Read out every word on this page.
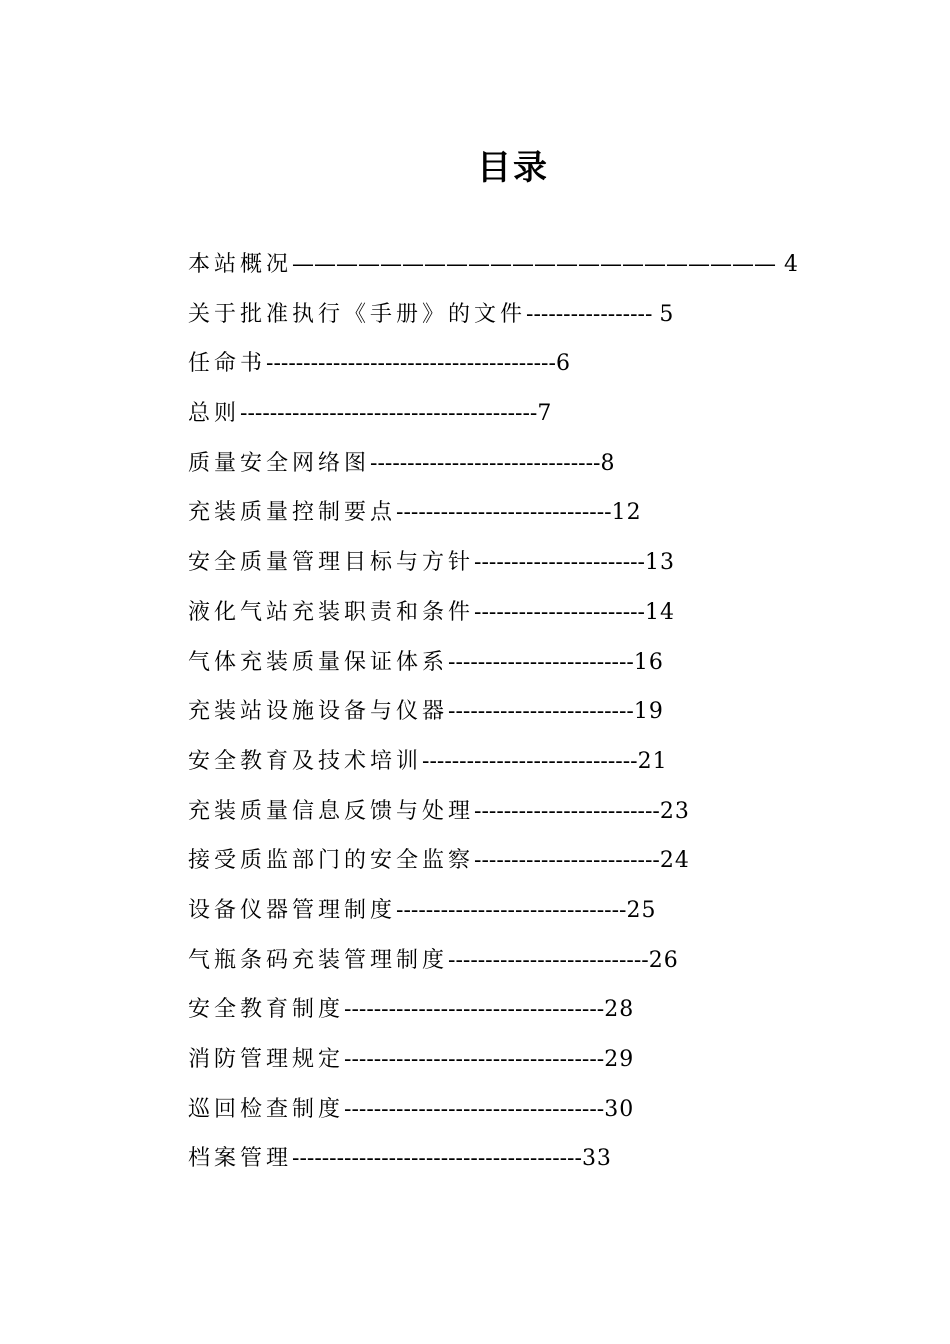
目录
本站概况—————————————————————— 4
关于批准执行《手册》的文件----------------- 5
任命书---------------------------------------6
总则----------------------------------------7
质量安全网络图-------------------------------8
充装质量控制要点-----------------------------12
安全质量管理目标与方针-----------------------13
液化气站充装职责和条件-----------------------14
气体充装质量保证体系-------------------------16
充装站设施设备与仪器-------------------------19
安全教育及技术培训-----------------------------21
充装质量信息反馈与处理-------------------------23
接受质监部门的安全监察-------------------------24
设备仪器管理制度-------------------------------25
气瓶条码充装管理制度---------------------------26
安全教育制度-----------------------------------28
消防管理规定-----------------------------------29
巡回检查制度-----------------------------------30
档案管理---------------------------------------33
